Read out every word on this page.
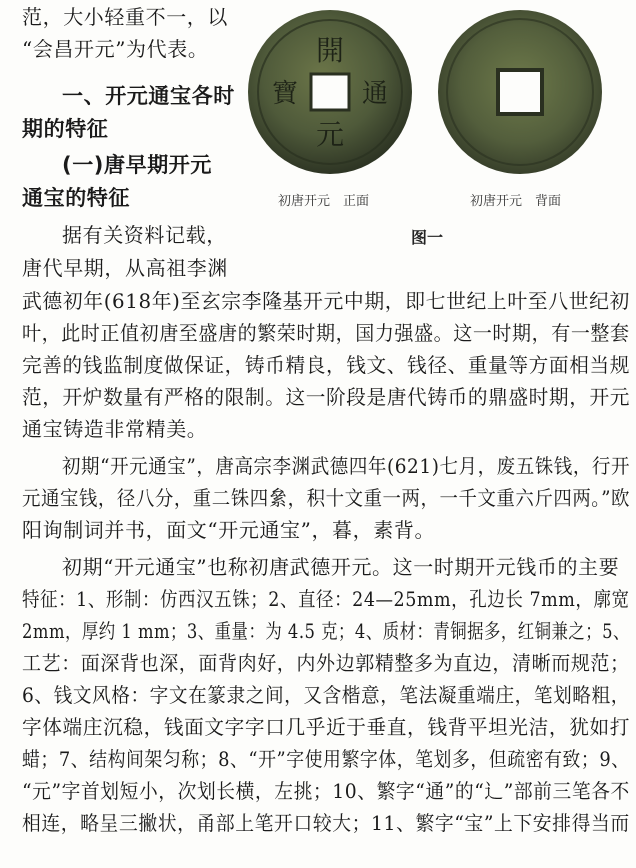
范，大小轻重不一，以
“会昌开元”为代表。
一、开元通宝各时
期的特征
(一)唐早期开元
通宝的特征
据有关资料记载，
唐代早期，从高祖李渊
開
元
通
寶
初唐开元　正面	初唐开元　背面
图一
武德初年(618年)至玄宗李隆基开元中期，即七世纪上叶至八世纪初
叶，此时正值初唐至盛唐的繁荣时期，国力强盛。这一时期，有一整套
完善的钱监制度做保证，铸币精良，钱文、钱径、重量等方面相当规
范，开炉数量有严格的限制。这一阶段是唐代铸币的鼎盛时期，开元
通宝铸造非常精美。
初期“开元通宝”，唐高宗李渊武德四年(621)七月，废五铢钱，行开
元通宝钱，径八分，重二铢四絫，积十文重一两，一千文重六斤四两。”欧
阳询制词并书，面文“开元通宝”，暮，素背。
初期“开元通宝”也称初唐武德开元。这一时期开元钱币的主要
特征：1、形制：仿西汉五铢；2、直径：24—25mm，孔边长 7mm，廓宽
2mm，厚约 1 mm；3、重量：为 4.5 克；4、质材：青铜据多，红铜兼之；5、
工艺：面深背也深，面背肉好，内外边郭精整多为直边，清晰而规范；
6、钱文风格：字文在篆隶之间，又含楷意，笔法凝重端庄，笔划略粗，
字体端庄沉稳，钱面文字字口几乎近于垂直，钱背平坦光洁，犹如打
蜡；7、结构间架匀称；8、“开”字使用繁字体，笔划多，但疏密有致；9、
“元”字首划短小，次划长横，左挑；10、繁字“通”的“辶”部前三笔各不
相连，略呈三撇状，甬部上笔开口较大；11、繁字“宝”上下安排得当而
